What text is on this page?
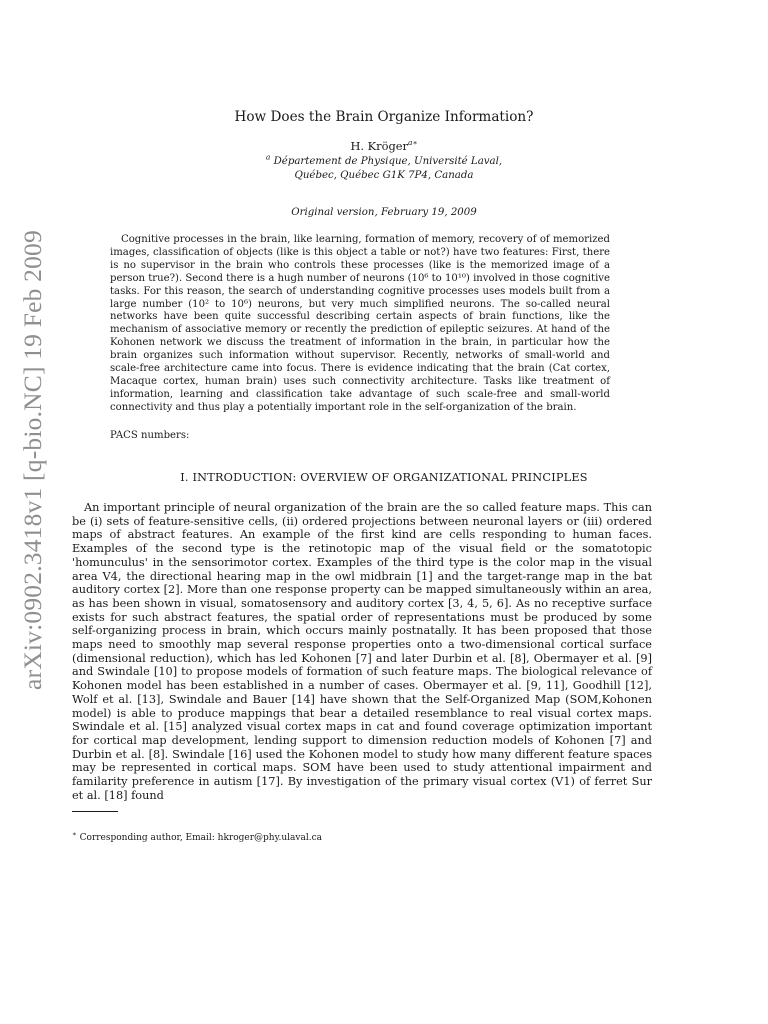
arXiv:0902.3418v1 [q-bio.NC] 19 Feb 2009
How Does the Brain Organize Information?
H. Kröger$^{a∗}$
$^a$ Département de Physique, Université Laval,
Québec, Québec G1K 7P4, Canada
Original version, February 19, 2009
Cognitive processes in the brain, like learning, formation of memory, recovery of of memorized images, classification of objects (like is this object a table or not?) have two features: First, there is no supervisor in the brain who controls these processes (like is the memorized image of a person true?). Second there is a hugh number of neurons (10⁶ to 10¹⁰) involved in those cognitive tasks. For this reason, the search of understanding cognitive processes uses models built from a large number (10² to 10⁶) neurons, but very much simplified neurons. The so-called neural networks have been quite successful describing certain aspects of brain functions, like the mechanism of associative memory or recently the prediction of epileptic seizures. At hand of the Kohonen network we discuss the treatment of information in the brain, in particular how the brain organizes such information without supervisor. Recently, networks of small-world and scale-free architecture came into focus. There is evidence indicating that the brain (Cat cortex, Macaque cortex, human brain) uses such connectivity architecture. Tasks like treatment of information, learning and classification take advantage of such scale-free and small-world connectivity and thus play a potentially important role in the self-organization of the brain.
PACS numbers:
I. INTRODUCTION: OVERVIEW OF ORGANIZATIONAL PRINCIPLES
An important principle of neural organization of the brain are the so called feature maps. This can be (i) sets of feature-sensitive cells, (ii) ordered projections between neuronal layers or (iii) ordered maps of abstract features. An example of the first kind are cells responding to human faces. Examples of the second type is the retinotopic map of the visual field or the somatotopic 'homunculus' in the sensorimotor cortex. Examples of the third type is the color map in the visual area V4, the directional hearing map in the owl midbrain [1] and the target-range map in the bat auditory cortex [2]. More than one response property can be mapped simultaneously within an area, as has been shown in visual, somatosensory and auditory cortex [3, 4, 5, 6]. As no receptive surface exists for such abstract features, the spatial order of representations must be produced by some self-organizing process in brain, which occurs mainly postnatally. It has been proposed that those maps need to smoothly map several response properties onto a two-dimensional cortical surface (dimensional reduction), which has led Kohonen [7] and later Durbin et al. [8], Obermayer et al. [9] and Swindale [10] to propose models of formation of such feature maps. The biological relevance of Kohonen model has been established in a number of cases. Obermayer et al. [9, 11], Goodhill [12], Wolf et al. [13], Swindale and Bauer [14] have shown that the Self-Organized Map (SOM,Kohonen model) is able to produce mappings that bear a detailed resemblance to real visual cortex maps. Swindale et al. [15] analyzed visual cortex maps in cat and found coverage optimization important for cortical map development, lending support to dimension reduction models of Kohonen [7] and Durbin et al. [8]. Swindale [16] used the Kohonen model to study how many different feature spaces may be represented in cortical maps. SOM have been used to study attentional impairment and familarity preference in autism [17]. By investigation of the primary visual cortex (V1) of ferret Sur et al. [18] found
∗ Corresponding author, Email: hkroger@phy.ulaval.ca
